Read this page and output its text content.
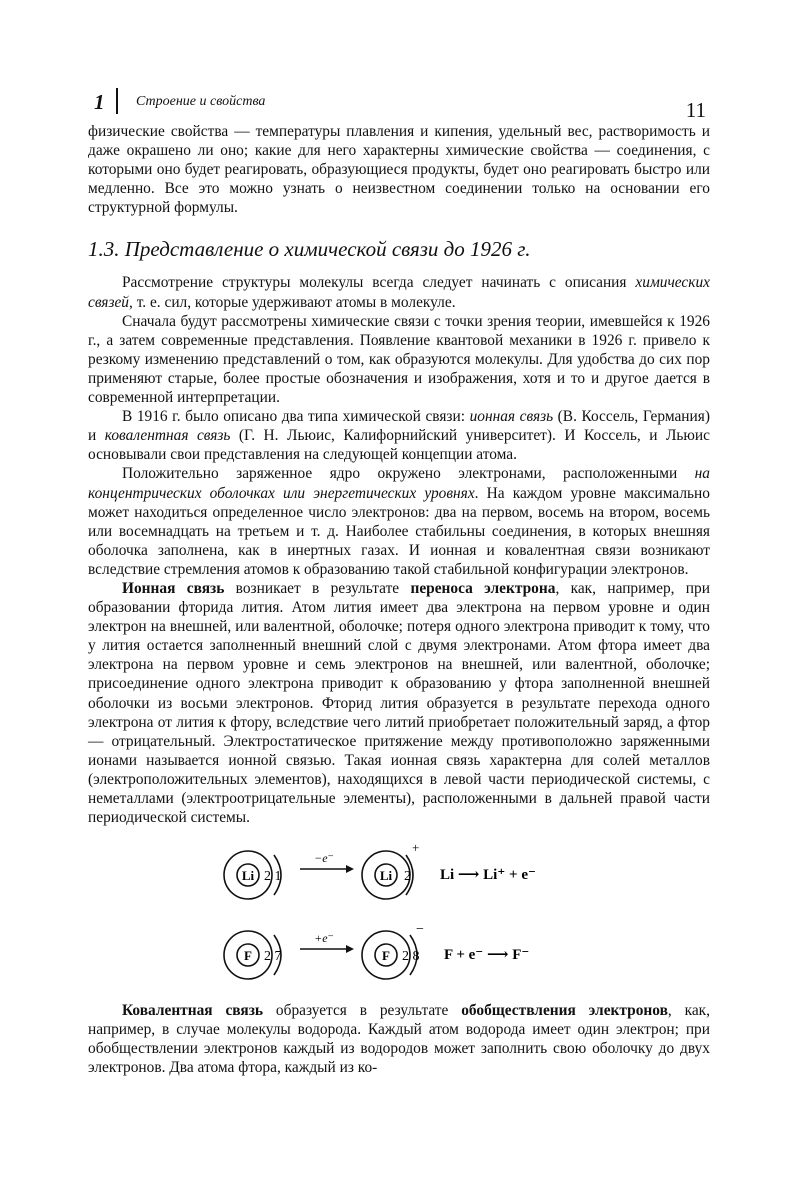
1 Строение и свойства	11

физические свойства — температуры плавления и кипения, удельный вес, растворимость и даже окрашено ли оно; какие для него характерны химические свойства — соединения, с которыми оно будет реагировать, образующиеся продукты, будет оно реагировать быстро или медленно. Все это можно узнать о неизвестном соединении только на основании его структурной формулы.

1.3. Представление о химической связи до 1926 г.

Рассмотрение структуры молекулы всегда следует начинать с описания химических связей, т. е. сил, которые удерживают атомы в молекуле.

Сначала будут рассмотрены химические связи с точки зрения теории, имевшейся к 1926 г., а затем современные представления. Появление квантовой механики в 1926 г. привело к резкому изменению представлений о том, как образуются молекулы. Для удобства до сих пор применяют старые, более простые обозначения и изображения, хотя и то и другое дается в современной интерпретации.

В 1916 г. было описано два типа химической связи: ионная связь (В. Коссель, Германия) и ковалентная связь (Г. Н. Льюис, Калифорнийский университет). И Коссель, и Льюис основывали свои представления на следующей концепции атома.

Положительно заряженное ядро окружено электронами, расположенными на концентрических оболочках или энергетических уровнях. На каждом уровне максимально может находиться определенное число электронов: два на первом, восемь на втором, восемь или восемнадцать на третьем и т. д. Наиболее стабильны соединения, в которых внешняя оболочка заполнена, как в инертных газах. И ионная и ковалентная связи возникают вследствие стремления атомов к образованию такой стабильной конфигурации электронов.

Ионная связь возникает в результате переноса электрона, как, например, при образовании фторида лития. Атом лития имеет два электрона на первом уровне и один электрон на внешней, или валентной, оболочке; потеря одного электрона приводит к тому, что у лития остается заполненный внешний слой с двумя электронами. Атом фтора имеет два электрона на первом уровне и семь электронов на внешней, или валентной, оболочке; присоединение одного электрона приводит к образованию у фтора заполненной внешней оболочки из восьми электронов. Фторид лития образуется в результате перехода одного электрона от лития к фтору, вследствие чего литий приобретает положительный заряд, а фтор — отрицательный. Электростатическое притяжение между противоположно заряженными ионами называется ионной связью. Такая ионная связь характерна для солей металлов (электроположительных элементов), находящихся в левой части периодической системы, с неметаллами (электроотрицательные элементы), расположенными в дальней правой части периодической системы.

Li 2 1
−e⁻
Li 2
+
Li ⟶ Li⁺ + e⁻
F 2 7
+e⁻
F 2 8
−
F + e⁻ ⟶ F⁻

Ковалентная связь образуется в результате обобществления электронов, как, например, в случае молекулы водорода. Каждый атом водорода имеет один электрон; при обобществлении электронов каждый из водородов может заполнить свою оболочку до двух электронов. Два атома фтора, каждый из ко-
